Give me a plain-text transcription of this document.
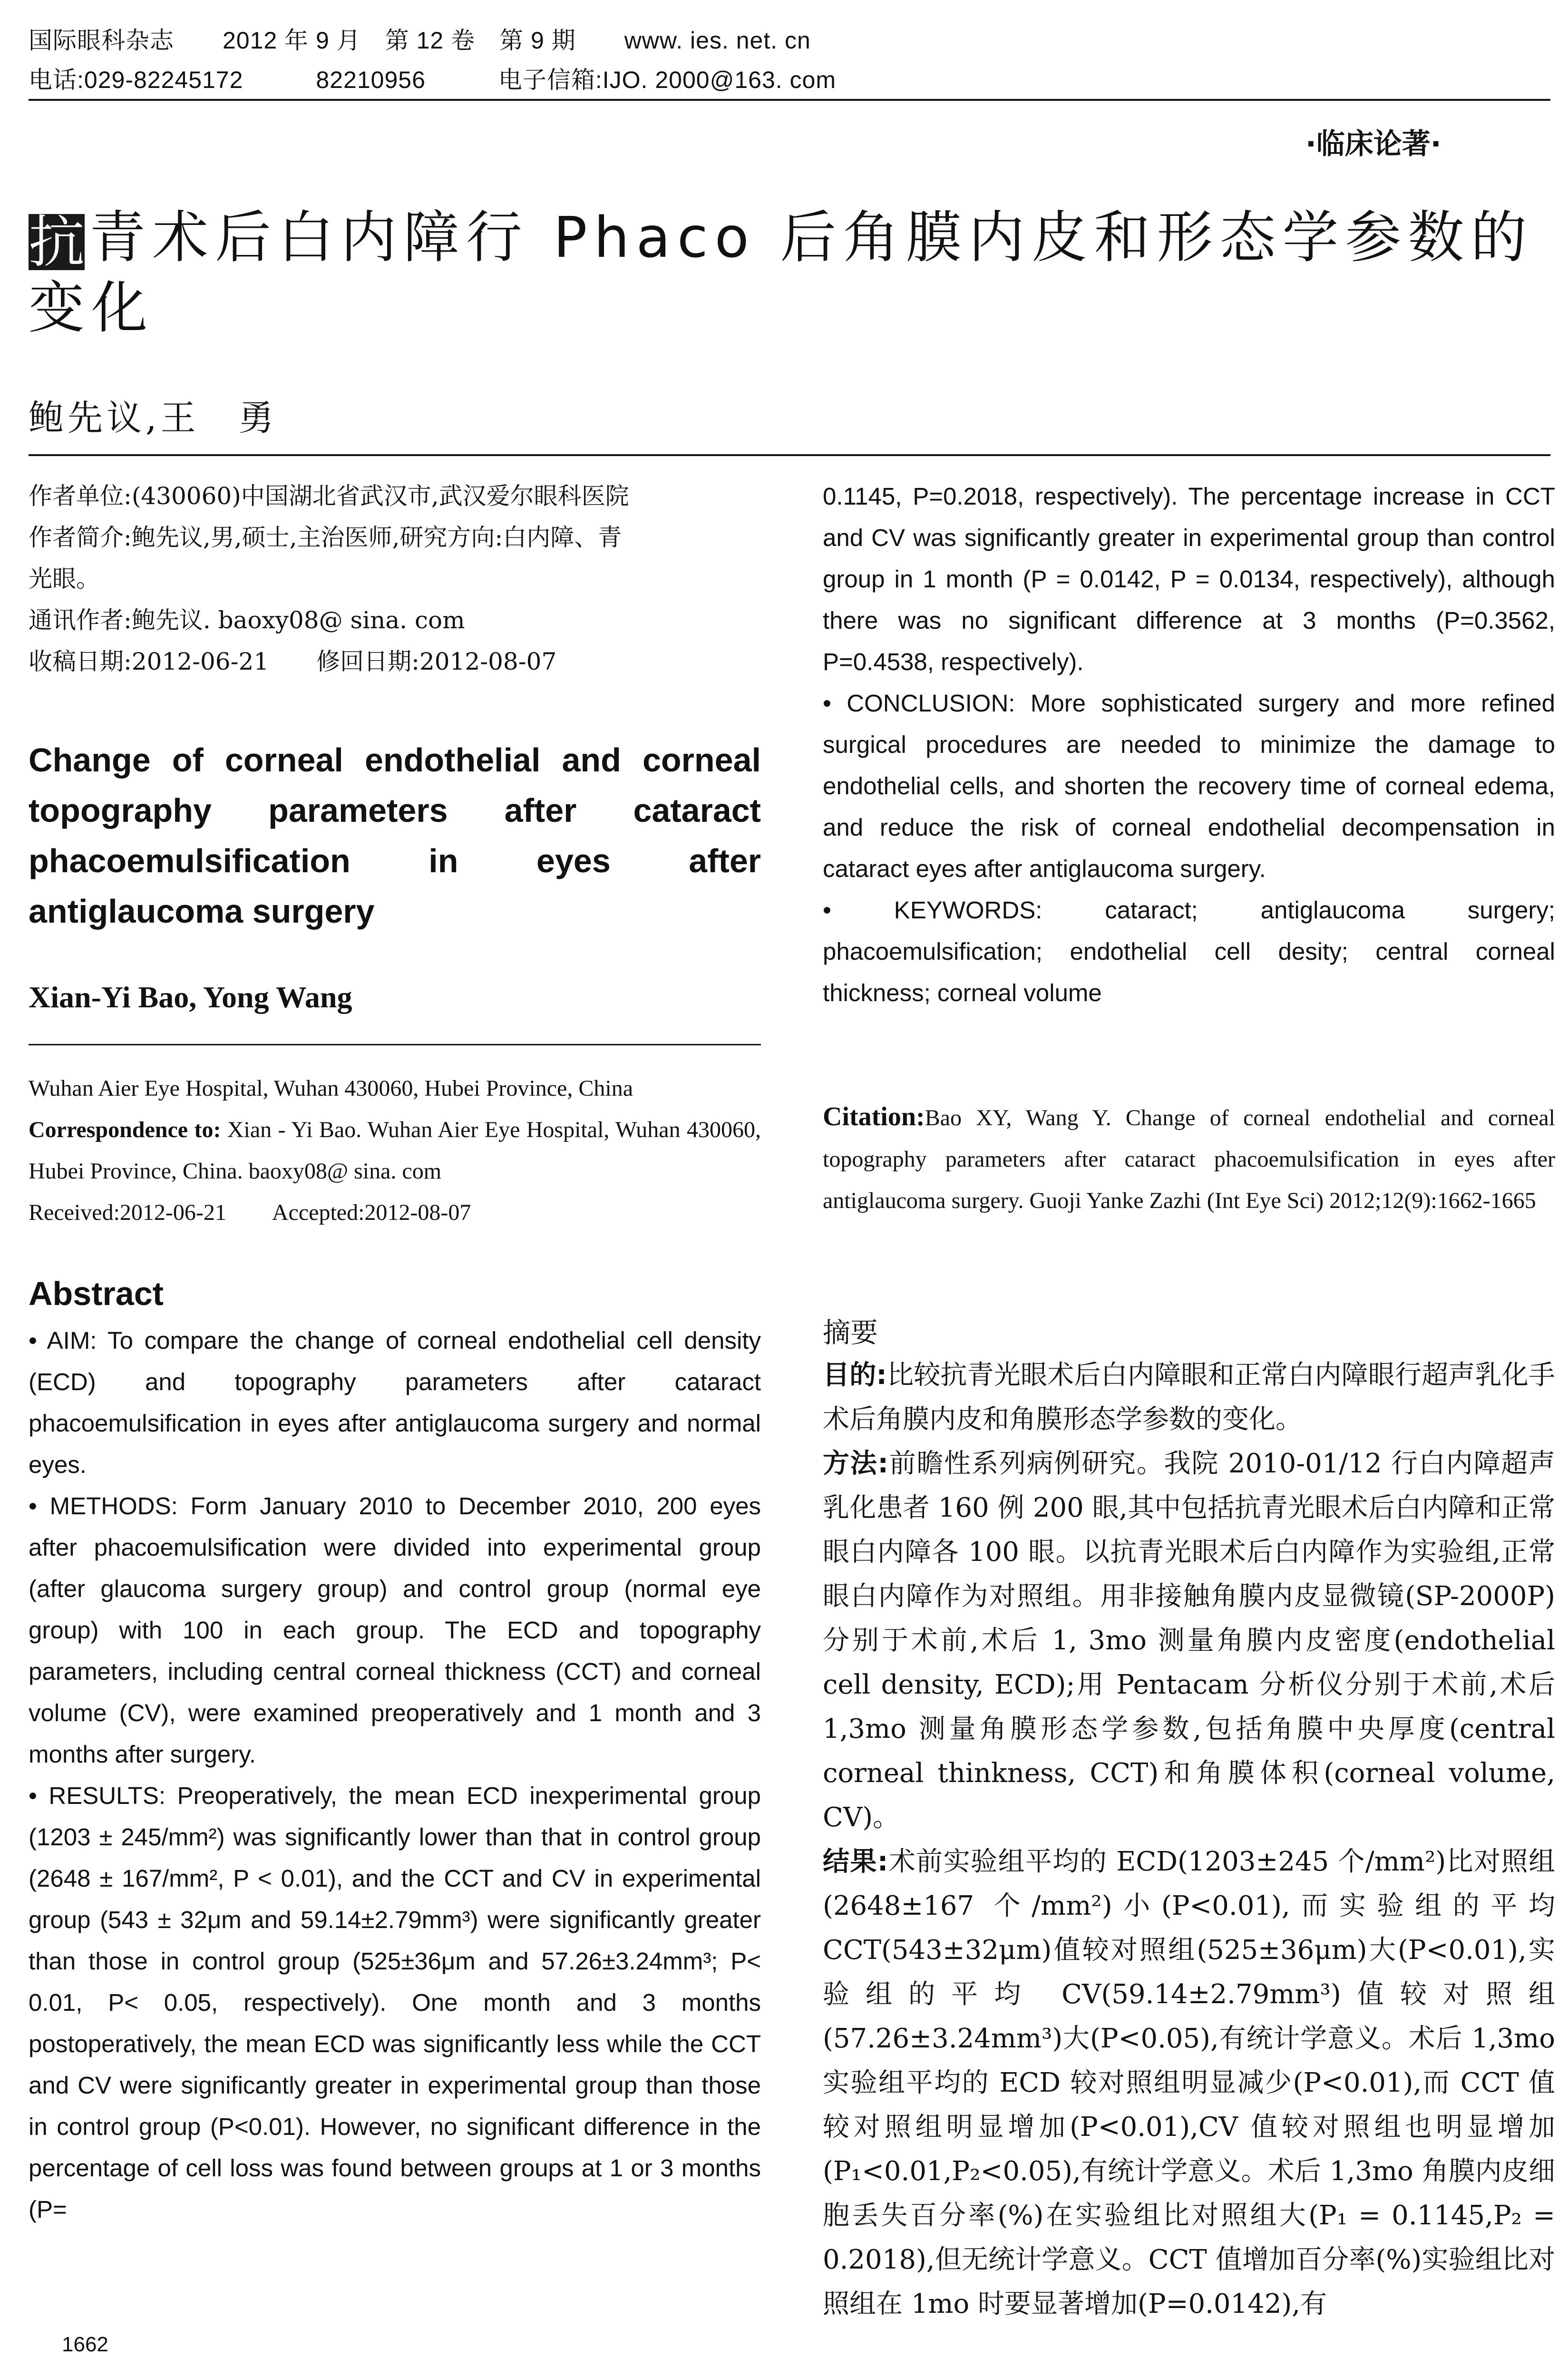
国际眼科杂志　　2012 年 9 月　第 12 卷　第 9 期　　www. ies. net. cn
电话:029-82245172　　　82210956　　　电子信箱:IJO. 2000@163. com
·临床论著·
抗青术后白内障行 Phaco 后角膜内皮和形态学参数的
变化
鲍先议,王　勇
作者单位:(430060)中国湖北省武汉市,武汉爱尔眼科医院
作者简介:鲍先议,男,硕士,主治医师,研究方向:白内障、青
光眼。
通讯作者:鲍先议. baoxy08@ sina. com
收稿日期:2012-06-21　　修回日期:2012-08-07
Change of corneal endothelial and corneal topography parameters after cataract phacoemulsification in eyes after antiglaucoma surgery
Xian-Yi Bao, Yong Wang
Wuhan Aier Eye Hospital, Wuhan 430060, Hubei Province, China
Correspondence to: Xian - Yi Bao. Wuhan Aier Eye Hospital, Wuhan 430060, Hubei Province, China. baoxy08@ sina. com
Received:2012-06-21　　Accepted:2012-08-07
Abstract

• AIM: To compare the change of corneal endothelial cell density (ECD) and topography parameters after cataract phacoemulsification in eyes after antiglaucoma surgery and normal eyes.

• METHODS: Form January 2010 to December 2010, 200 eyes after phacoemulsification were divided into experimental group (after glaucoma surgery group) and control group (normal eye group) with 100 in each group. The ECD and topography parameters, including central corneal thickness (CCT) and corneal volume (CV), were examined preoperatively and 1 month and 3 months after surgery.

• RESULTS: Preoperatively, the mean ECD inexperimental group (1203 ± 245/mm²) was significantly lower than that in control group (2648 ± 167/mm², P < 0.01), and the CCT and CV in experimental group (543 ± 32μm and 59.14±2.79mm³) were significantly greater than those in control group (525±36μm and 57.26±3.24mm³; P< 0.01, P< 0.05, respectively). One month and 3 months postoperatively, the mean ECD was significantly less while the CCT and CV were significantly greater in experimental group than those in control group (P<0.01). However, no significant difference in the percentage of cell loss was found between groups at 1 or 3 months (P=

1662

0.1145, P=0.2018, respectively). The percentage increase in CCT and CV was significantly greater in experimental group than control group in 1 month (P = 0.0142, P = 0.0134, respectively), although there was no significant difference at 3 months (P=0.3562, P=0.4538, respectively).

• CONCLUSION: More sophisticated surgery and more refined surgical procedures are needed to minimize the damage to endothelial cells, and shorten the recovery time of corneal edema, and reduce the risk of corneal endothelial decompensation in cataract eyes after antiglaucoma surgery.

• KEYWORDS: cataract; antiglaucoma surgery; phacoemulsification; endothelial cell desity; central corneal thickness; corneal volume

Citation:Bao XY, Wang Y. Change of corneal endothelial and corneal topography parameters after cataract phacoemulsification in eyes after antiglaucoma surgery. Guoji Yanke Zazhi (Int Eye Sci) 2012;12(9):1662-1665
摘要

目的:比较抗青光眼术后白内障眼和正常白内障眼行超声乳化手术后角膜内皮和角膜形态学参数的变化。

方法:前瞻性系列病例研究。我院 2010-01/12 行白内障超声乳化患者 160 例 200 眼,其中包括抗青光眼术后白内障和正常眼白内障各 100 眼。以抗青光眼术后白内障作为实验组,正常眼白内障作为对照组。用非接触角膜内皮显微镜(SP-2000P)分别于术前,术后 1, 3mo 测量角膜内皮密度(endothelial cell density, ECD);用 Pentacam 分析仪分别于术前,术后 1,3mo 测量角膜形态学参数,包括角膜中央厚度(central corneal thinkness, CCT)和角膜体积(corneal volume, CV)。

结果:术前实验组平均的 ECD(1203±245 个/mm²)比对照组(2648±167 个/mm²)小(P<0.01),而实验组的平均 CCT(543±32μm)值较对照组(525±36μm)大(P<0.01),实验组的平均 CV(59.14±2.79mm³)值较对照组(57.26±3.24mm³)大(P<0.05),有统计学意义。术后 1,3mo 实验组平均的 ECD 较对照组明显减少(P<0.01),而 CCT 值较对照组明显增加(P<0.01),CV 值较对照组也明显增加(P₁<0.01,P₂<0.05),有统计学意义。术后 1,3mo 角膜内皮细胞丢失百分率(%)在实验组比对照组大(P₁ = 0.1145,P₂ = 0.2018),但无统计学意义。CCT 值增加百分率(%)实验组比对照组在 1mo 时要显著增加(P=0.0142),有
